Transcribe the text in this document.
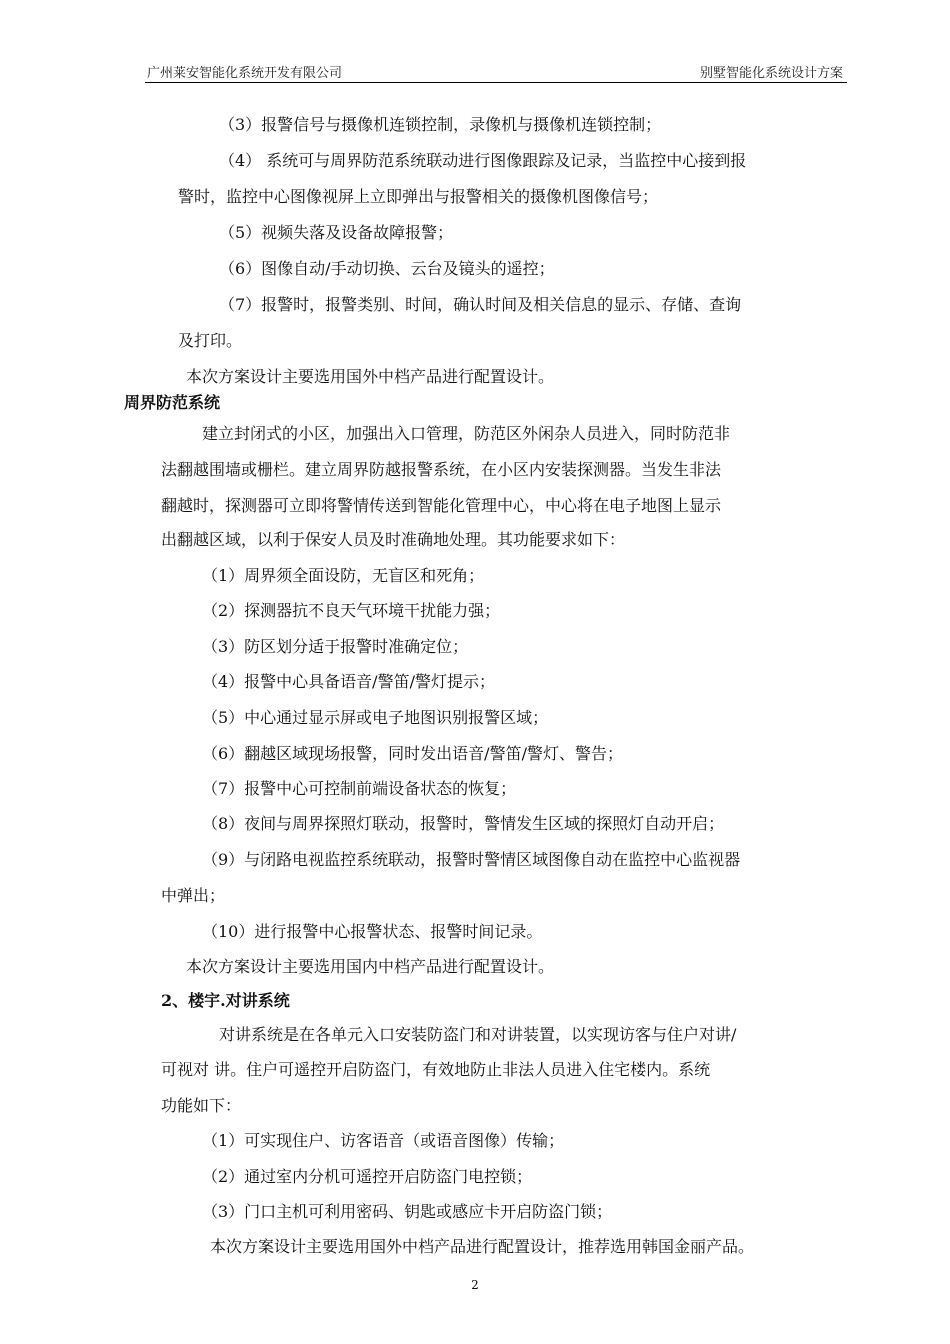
广州莱安智能化系统开发有限公司	别墅智能化系统设计方案
（3）报警信号与摄像机连锁控制，录像机与摄像机连锁控制；
（4） 系统可与周界防范系统联动进行图像跟踪及记录，当监控中心接到报
警时，监控中心图像视屏上立即弹出与报警相关的摄像机图像信号；
（5）视频失落及设备故障报警；
（6）图像自动/手动切换、云台及镜头的遥控；
（7）报警时，报警类别、时间，确认时间及相关信息的显示、存储、查询
及打印。
本次方案设计主要选用国外中档产品进行配置设计。
周界防范系统
建立封闭式的小区，加强出入口管理，防范区外闲杂人员进入，同时防范非
法翻越围墙或栅栏。建立周界防越报警系统，在小区内安装探测器。当发生非法
翻越时，探测器可立即将警情传送到智能化管理中心，中心将在电子地图上显示
出翻越区域，以利于保安人员及时准确地处理。其功能要求如下：
（1）周界须全面设防，无盲区和死角；
（2）探测器抗不良天气环境干扰能力强；
（3）防区划分适于报警时准确定位；
（4）报警中心具备语音/警笛/警灯提示；
（5）中心通过显示屏或电子地图识别报警区域；
（6）翻越区域现场报警，同时发出语音/警笛/警灯、警告；
（7）报警中心可控制前端设备状态的恢复；
（8）夜间与周界探照灯联动，报警时，警情发生区域的探照灯自动开启；
（9）与闭路电视监控系统联动，报警时警情区域图像自动在监控中心监视器
中弹出；
（10）进行报警中心报警状态、报警时间记录。
本次方案设计主要选用国内中档产品进行配置设计。
2、楼宇.对讲系统
对讲系统是在各单元入口安装防盗门和对讲装置，以实现访客与住户对讲/
可视对 讲。住户可遥控开启防盗门，有效地防止非法人员进入住宅楼内。系统
功能如下：
（1）可实现住户、访客语音（或语音图像）传输；
（2）通过室内分机可遥控开启防盗门电控锁；
（3）门口主机可利用密码、钥匙或感应卡开启防盗门锁；
本次方案设计主要选用国外中档产品进行配置设计，推荐选用韩国金丽产品。
2
